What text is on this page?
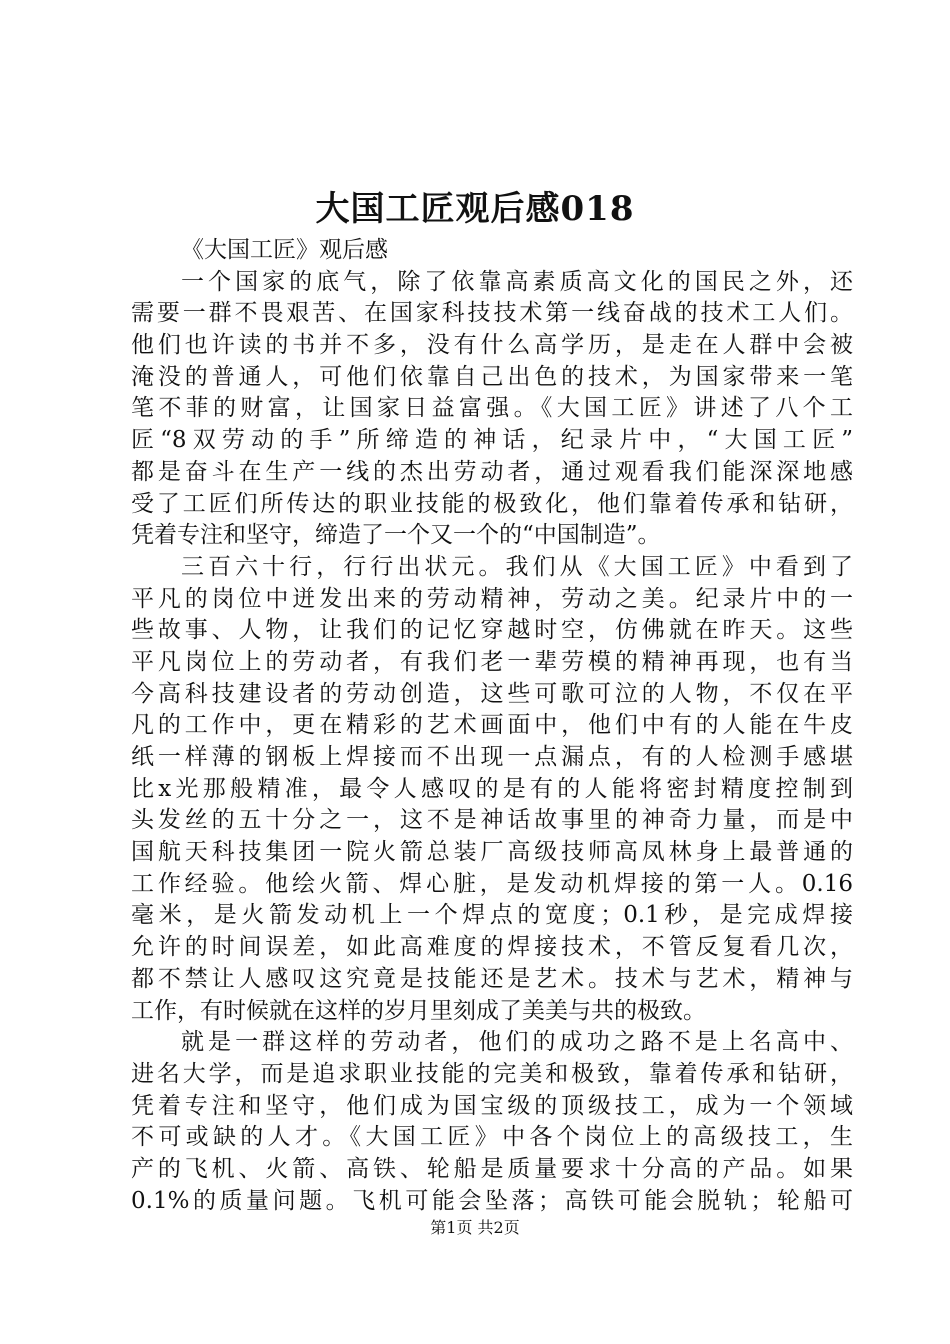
大国工匠观后感018
《大国工匠》观后感
一个国家的底气，除了依靠高素质高文化的国民之外，还
需要一群不畏艰苦、在国家科技技术第一线奋战的技术工人们。
他们也许读的书并不多，没有什么高学历，是走在人群中会被
淹没的普通人，可他们依靠自己出色的技术，为国家带来一笔
笔不菲的财富，让国家日益富强。《大国工匠》讲述了八个工
匠“8双劳动的手”所缔造的神话，纪录片中，“大国工匠”
都是奋斗在生产一线的杰出劳动者，通过观看我们能深深地感
受了工匠们所传达的职业技能的极致化，他们靠着传承和钻研，
凭着专注和坚守，缔造了一个又一个的“中国制造”。
三百六十行，行行出状元。我们从《大国工匠》中看到了
平凡的岗位中迸发出来的劳动精神，劳动之美。纪录片中的一
些故事、人物，让我们的记忆穿越时空，仿佛就在昨天。这些
平凡岗位上的劳动者，有我们老一辈劳模的精神再现，也有当
今高科技建设者的劳动创造，这些可歌可泣的人物，不仅在平
凡的工作中，更在精彩的艺术画面中，他们中有的人能在牛皮
纸一样薄的钢板上焊接而不出现一点漏点，有的人检测手感堪
比x光那般精准，最令人感叹的是有的人能将密封精度控制到
头发丝的五十分之一，这不是神话故事里的神奇力量，而是中
国航天科技集团一院火箭总装厂高级技师高凤林身上最普通的
工作经验。他绘火箭、焊心脏，是发动机焊接的第一人。0.16
毫米，是火箭发动机上一个焊点的宽度；0.1秒，是完成焊接
允许的时间误差，如此高难度的焊接技术，不管反复看几次，
都不禁让人感叹这究竟是技能还是艺术。技术与艺术，精神与
工作，有时候就在这样的岁月里刻成了美美与共的极致。
就是一群这样的劳动者，他们的成功之路不是上名高中、
进名大学，而是追求职业技能的完美和极致，靠着传承和钻研，
凭着专注和坚守，他们成为国宝级的顶级技工，成为一个领域
不可或缺的人才。《大国工匠》中各个岗位上的高级技工，生
产的飞机、火箭、高铁、轮船是质量要求十分高的产品。如果
0.1%的质量问题。飞机可能会坠落；高铁可能会脱轨；轮船可
第1页 共2页
